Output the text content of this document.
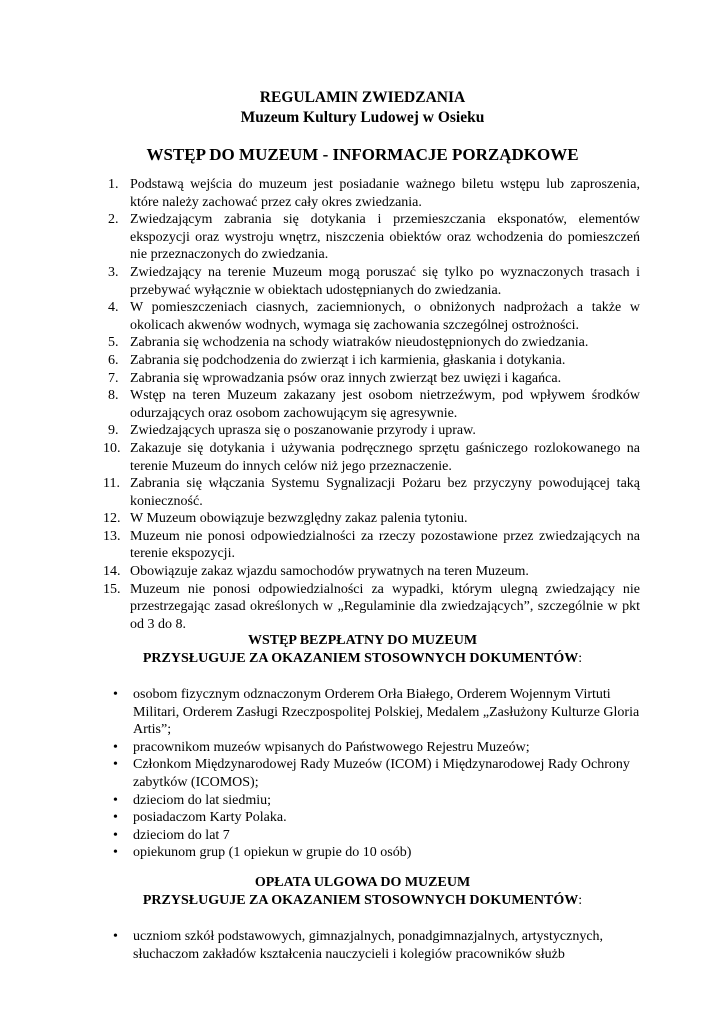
REGULAMIN ZWIEDZANIA
Muzeum Kultury Ludowej w Osieku
WSTĘP DO MUZEUM - INFORMACJE PORZĄDKOWE
1. Podstawą wejścia do muzeum jest posiadanie ważnego biletu wstępu lub zaproszenia, które należy zachować przez cały okres zwiedzania.
2. Zwiedzającym zabrania się dotykania i przemieszczania eksponatów, elementów ekspozycji oraz wystroju wnętrz, niszczenia obiektów oraz wchodzenia do pomieszczeń nie przeznaczonych do zwiedzania.
3. Zwiedzający na terenie Muzeum mogą poruszać się tylko po wyznaczonych trasach i przebywać wyłącznie w obiektach udostępnianych do zwiedzania.
4. W pomieszczeniach ciasnych, zaciemnionych, o obniżonych nadprożach a także w okolicach akwenów wodnych, wymaga się zachowania szczególnej ostrożności.
5. Zabrania się wchodzenia na schody wiatraków nieudostępnionych do zwiedzania.
6. Zabrania się podchodzenia do zwierząt i ich karmienia, głaskania i dotykania.
7. Zabrania się wprowadzania psów oraz innych zwierząt bez uwięzi i kagańca.
8. Wstęp na teren Muzeum zakazany jest osobom nietrzeźwym, pod wpływem środków odurzających oraz osobom zachowującym się agresywnie.
9. Zwiedzających uprasza się o poszanowanie przyrody i upraw.
10. Zakazuje się dotykania i używania podręcznego sprzętu gaśniczego rozlokowanego na terenie Muzeum do innych celów niż jego przeznaczenie.
11. Zabrania się włączania Systemu Sygnalizacji Pożaru bez przyczyny powodującej taką konieczność.
12. W Muzeum obowiązuje bezwzględny zakaz palenia tytoniu.
13. Muzeum nie ponosi odpowiedzialności za rzeczy pozostawione przez zwiedzających na terenie ekspozycji.
14. Obowiązuje zakaz wjazdu samochodów prywatnych na teren Muzeum.
15. Muzeum nie ponosi odpowiedzialności za wypadki, którym ulegną zwiedzający nie przestrzegając zasad określonych w „Regulaminie dla zwiedzających”, szczególnie w pkt od 3 do 8.
WSTĘP BEZPŁATNY DO MUZEUM
PRZYSŁUGUJE ZA OKAZANIEM STOSOWNYCH DOKUMENTÓW:
• osobom fizycznym odznaczonym Orderem Orła Białego, Orderem Wojennym Virtuti Militari, Orderem Zasługi Rzeczpospolitej Polskiej, Medalem „Zasłużony Kulturze Gloria Artis”;
• pracownikom muzeów wpisanych do Państwowego Rejestru Muzeów;
• Członkom Międzynarodowej Rady Muzeów (ICOM) i Międzynarodowej Rady Ochrony zabytków (ICOMOS);
• dzieciom do lat siedmiu;
• posiadaczom Karty Polaka.
• dzieciom do lat 7
• opiekunom grup (1 opiekun w grupie do 10 osób)
OPŁATA ULGOWA DO MUZEUM
PRZYSŁUGUJE ZA OKAZANIEM STOSOWNYCH DOKUMENTÓW:
• uczniom szkół podstawowych, gimnazjalnych, ponadgimnazjalnych, artystycznych, słuchaczom zakładów kształcenia nauczycieli i kolegiów pracowników służb
